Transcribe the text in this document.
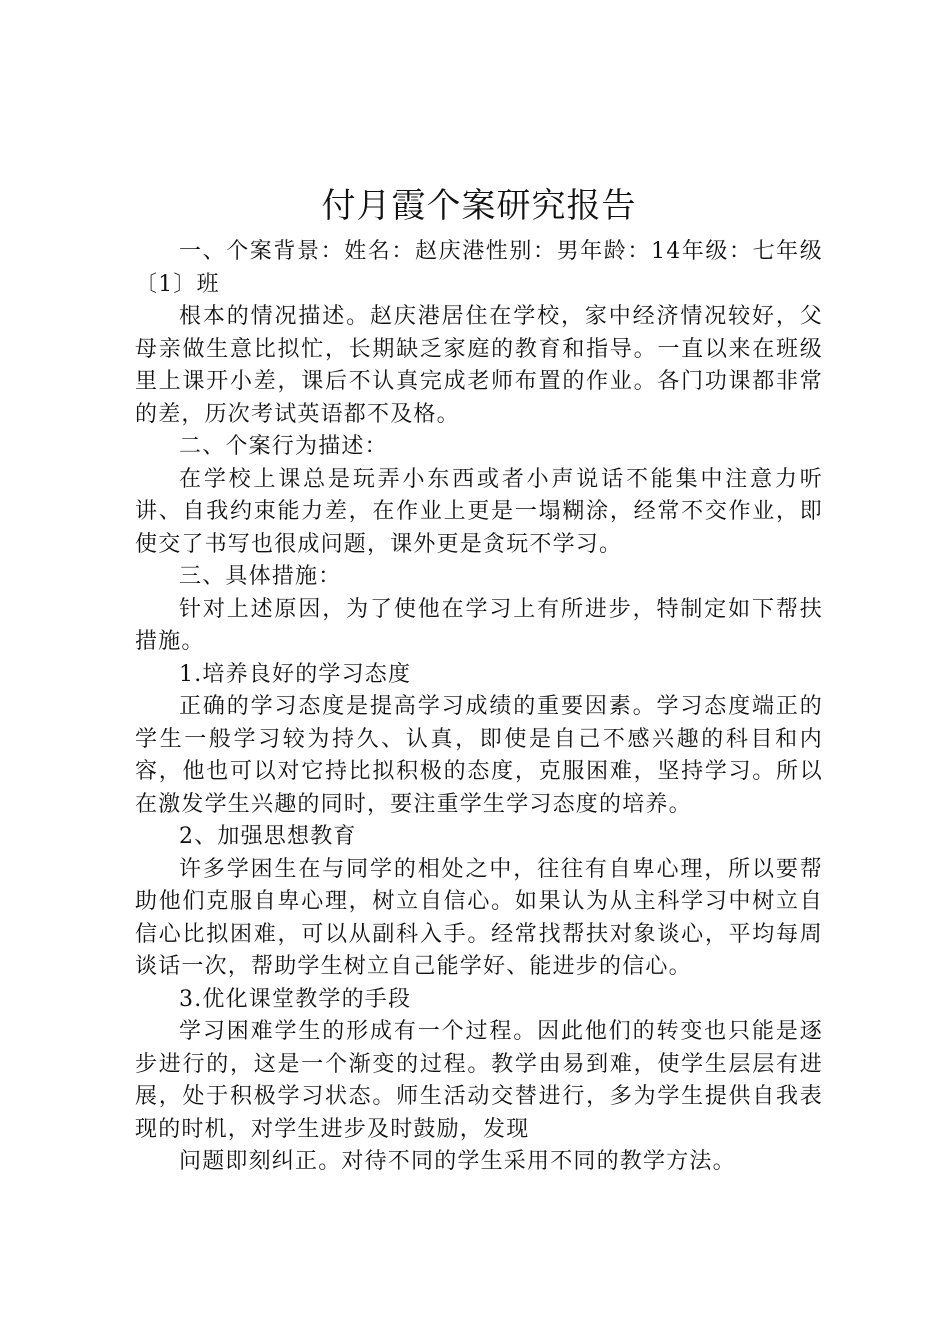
付月霞个案研究报告

一、个案背景：姓名：赵庆港性别：男年龄：14年级：七年级〔1〕班

根本的情况描述。赵庆港居住在学校，家中经济情况较好，父母亲做生意比拟忙，长期缺乏家庭的教育和指导。一直以来在班级里上课开小差，课后不认真完成老师布置的作业。各门功课都非常的差，历次考试英语都不及格。

二、个案行为描述：

在学校上课总是玩弄小东西或者小声说话不能集中注意力听讲、自我约束能力差，在作业上更是一塌糊涂，经常不交作业，即使交了书写也很成问题，课外更是贪玩不学习。

三、具体措施：

针对上述原因，为了使他在学习上有所进步，特制定如下帮扶措施。

1.培养良好的学习态度

正确的学习态度是提高学习成绩的重要因素。学习态度端正的学生一般学习较为持久、认真，即使是自己不感兴趣的科目和内容，他也可以对它持比拟积极的态度，克服困难，坚持学习。所以在激发学生兴趣的同时，要注重学生学习态度的培养。

2、加强思想教育

许多学困生在与同学的相处之中，往往有自卑心理，所以要帮助他们克服自卑心理，树立自信心。如果认为从主科学习中树立自信心比拟困难，可以从副科入手。经常找帮扶对象谈心，平均每周谈话一次，帮助学生树立自己能学好、能进步的信心。

3.优化课堂教学的手段

学习困难学生的形成有一个过程。因此他们的转变也只能是逐步进行的，这是一个渐变的过程。教学由易到难，使学生层层有进展，处于积极学习状态。师生活动交替进行，多为学生提供自我表现的时机，对学生进步及时鼓励，发现

问题即刻纠正。对待不同的学生采用不同的教学方法。
